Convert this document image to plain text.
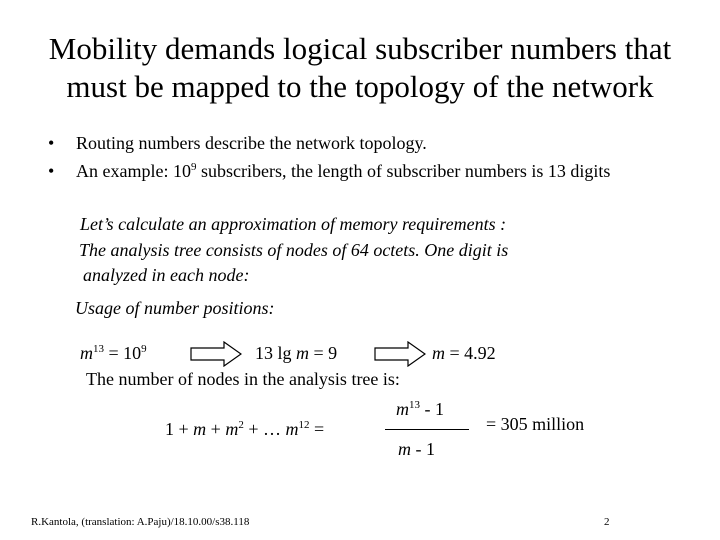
Mobility demands logical subscriber numbers that
must be mapped to the topology of the network
• Routing numbers describe the network topology.
• An example: $10^9$ subscribers, the length of subscriber numbers is 13 digits
Let’s calculate an approximation of memory requirements :
The analysis tree consists of nodes of 64 octets. One digit is
analyzed in each node:
Usage of number positions:
$m^{13} = 10^9$	13 lg m = 9	m = 4.92
The number of nodes in the analysis tree is:
$1 + m + m^2$ + … $m^{12}$ =
$m^{13} - 1$
m - 1
= 305 million
R.Kantola, (translation: A.Paju)/18.10.00/s38.118	2
